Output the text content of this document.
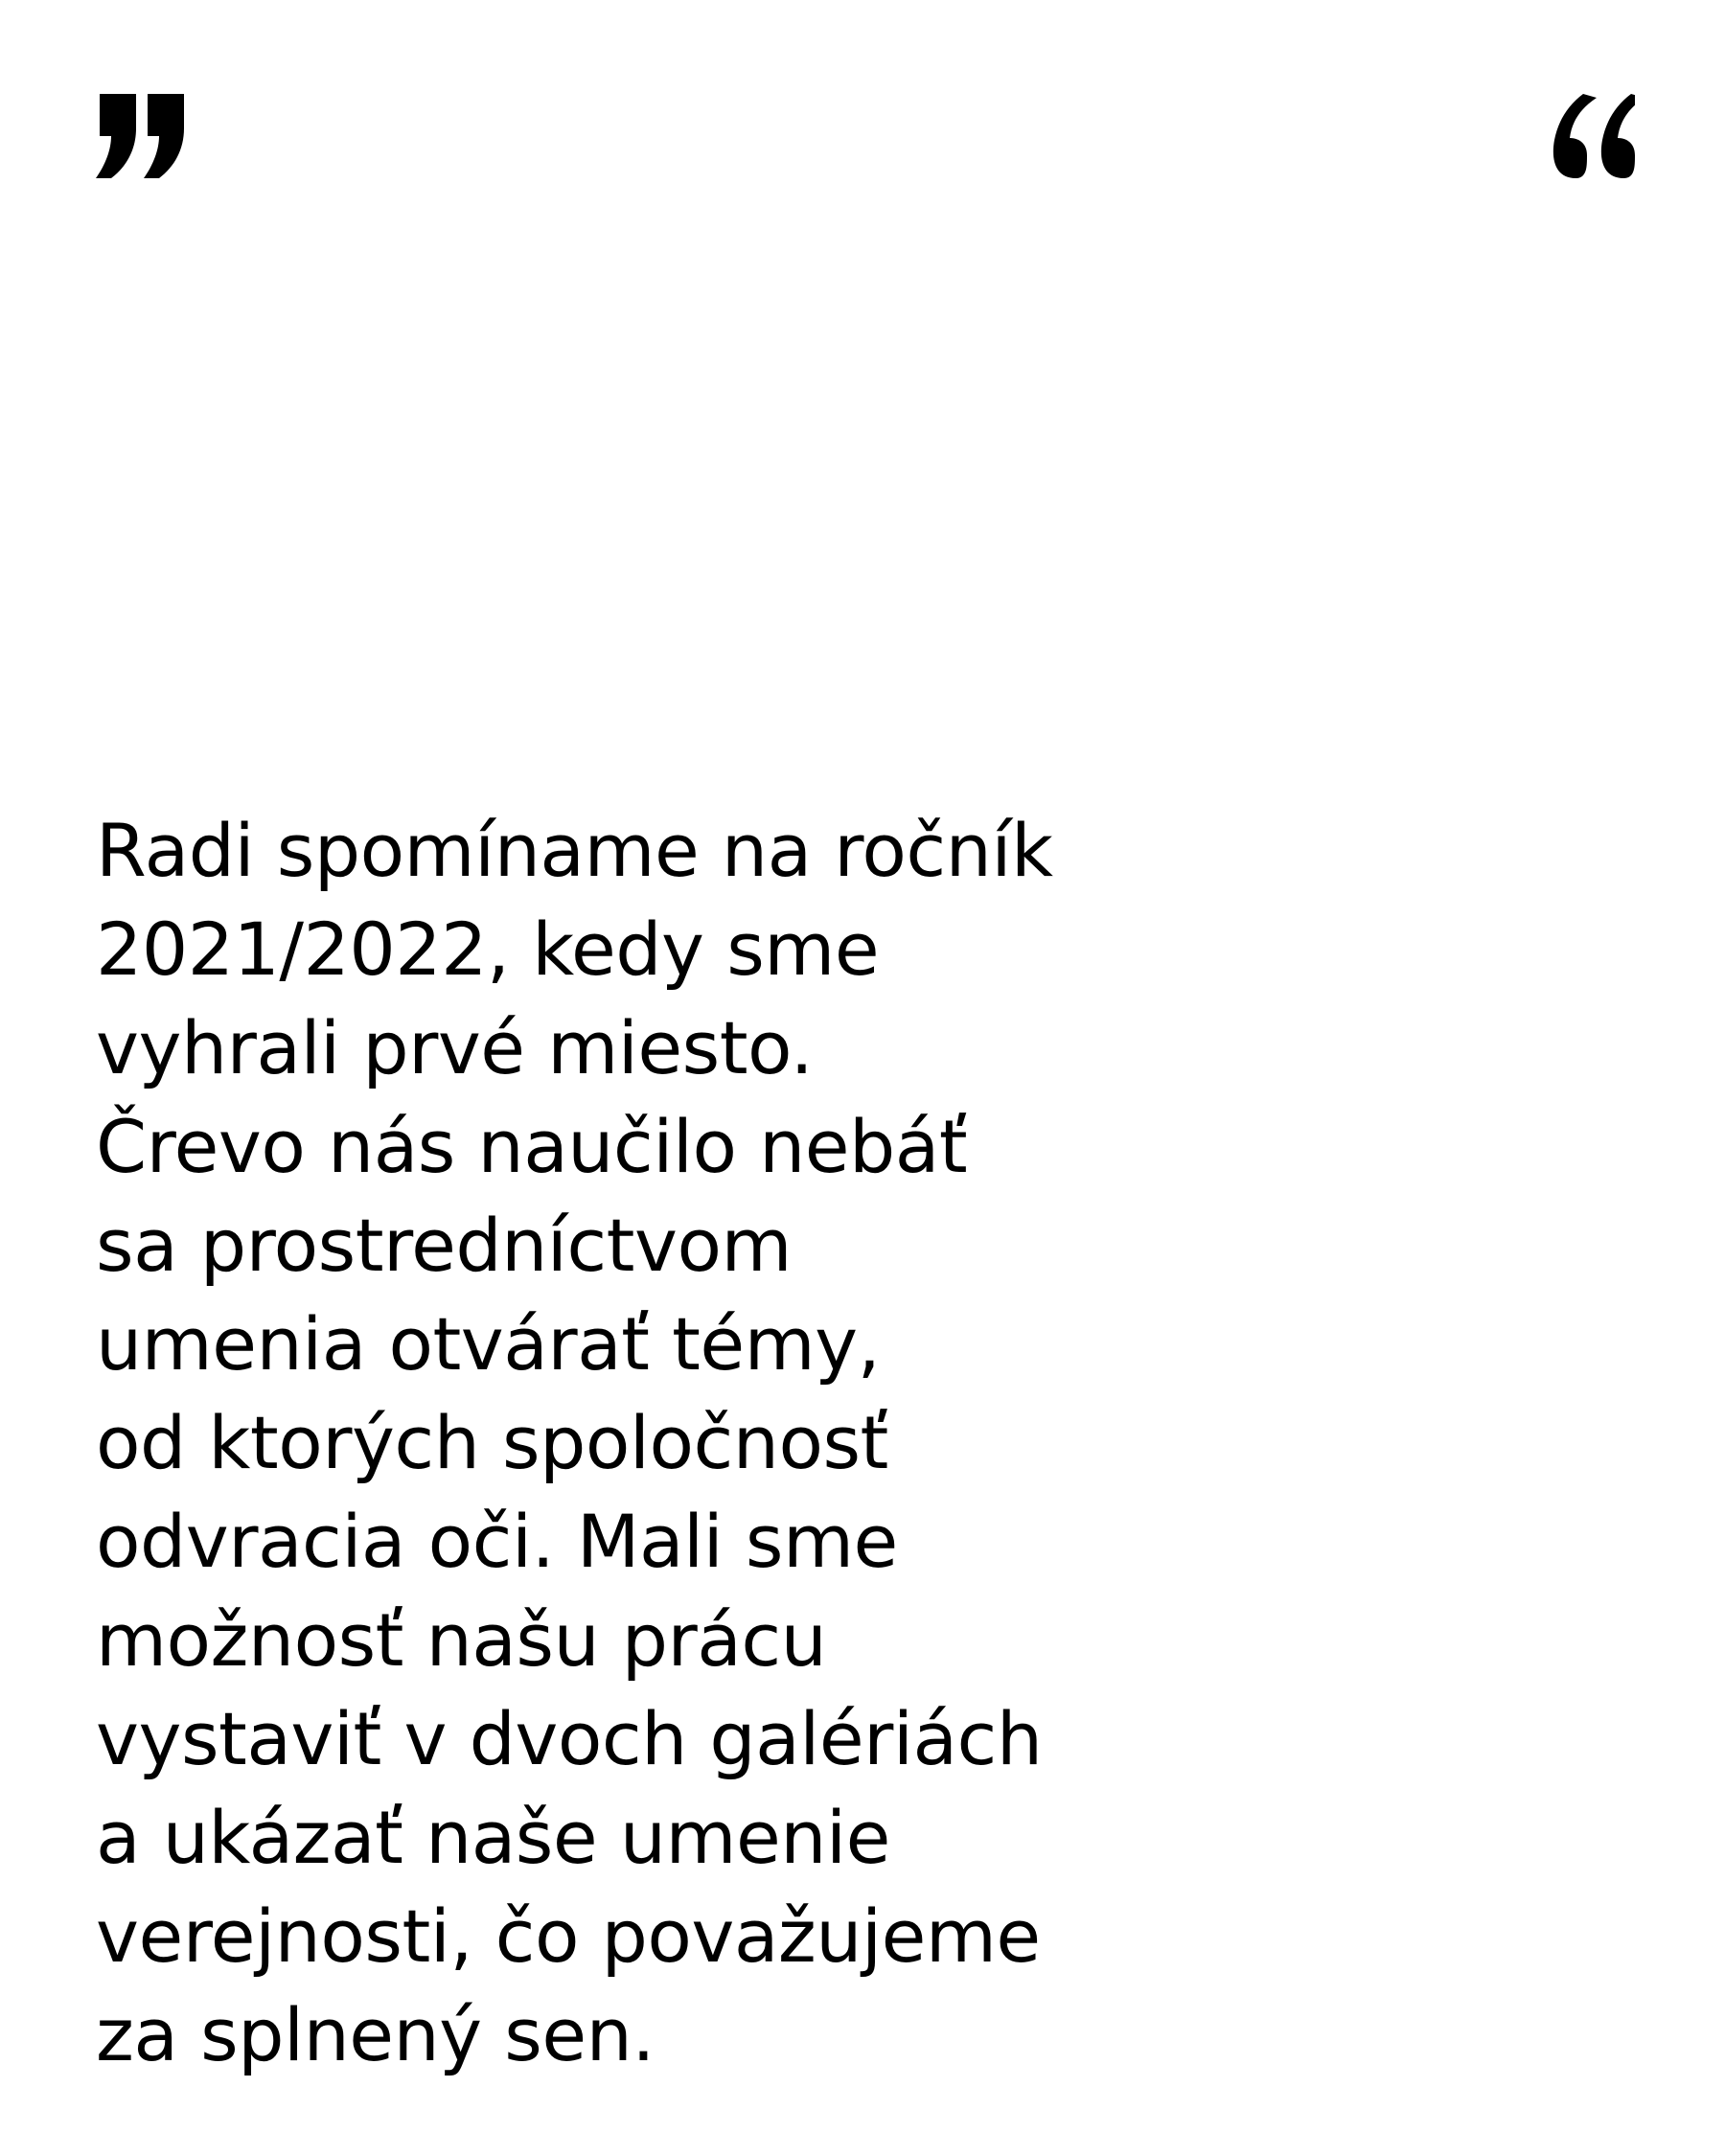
Radi spomíname na ročník
2021/2022, kedy sme
vyhrali prvé miesto.
Črevo nás naučilo nebáť
sa prostredníctvom
umenia otvárať témy,
od ktorých spoločnosť
odvracia oči. Mali sme
možnosť našu prácu
vystaviť v dvoch galériách
a ukázať naše umenie
verejnosti, čo považujeme
za splnený sen.
